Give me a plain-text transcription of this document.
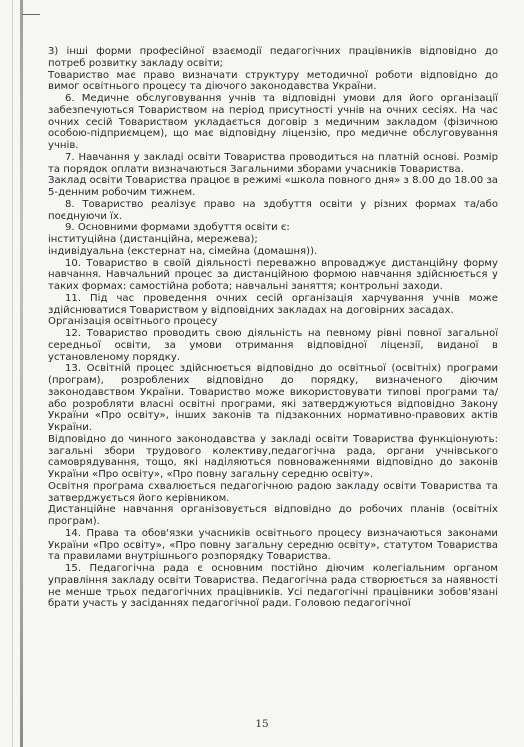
3) інші форми професійної взаємодії педагогічних працівників відповідно до потреб розвитку закладу освіти;

Товариство має право визначати структуру методичної роботи відповідно до вимог освітнього процесу та діючого законодавства України.

6. Медичне обслуговування учнів та відповідні умови для його організації забезпечуються Товариством на період присутності учнів на очних сесіях. На час очних сесій Товариством укладається договір з медичним закладом (фізичною особою-підприємцем), що має відповідну ліцензію, про медичне обслуговування учнів.

7. Навчання у закладі освіти Товариства проводиться на платній основі. Розмір та порядок оплати визначаються Загальними зборами учасників Товариства.

Заклад освіти Товариства працює в режимі «школа повного дня» з 8.00 до 18.00 за 5-денним робочим тижнем.

8. Товариство реалізує право на здобуття освіти у різних формах та/або поєднуючи їх.

9. Основними формами здобуття освіти є:

інституційна (дистанційна, мережева);

індивідуальна (екстернат на, сімейна (домашня)).

10. Товариство в своїй діяльності переважно впроваджує дистанційну форму навчання. Навчальний процес за дистанційною формою навчання здійснюється у таких формах: самостійна робота; навчальні заняття; контрольні заходи.

11. Під час проведення очних сесій організація харчування учнів може здійснюватися Товариством у відповідних закладах на договірних засадах.

Організація освітнього процесу

12. Товариство проводить свою діяльність на певному рівні повної загальної середньої освіти, за умови отримання відповідної ліцензії, виданої в установленому порядку.

13. Освітній процес здійснюється відповідно до освітньої (освітніх) програми (програм), розроблених відповідно до порядку, визначеного діючим законодавством України. Товариство може використовувати типові програми та/або розробляти власні освітні програми, які затверджуються відповідно Закону України «Про освіту», інших законів та підзаконних нормативно-правових актів України.

Відповідно до чинного законодавства у закладі освіти Товариства функціонують: загальні збори трудового колективу,педагогічна рада, органи учнівського самоврядування, тощо, які наділяються повноваженнями відповідно до законів України «Про освіту», «Про повну загальну середню освіту».

Освітня програма схвалюється педагогічною радою закладу освіти Товариства та затверджується його керівником.

Дистанційне навчання організовується відповідно до робочих планів (освітніх програм).

14. Права та обов'язки учасників освітнього процесу визначаються законами України «Про освіту», «Про повну загальну середню освіту», статутом Товариства та правилами внутрішнього розпорядку Товариства.

15. Педагогічна рада є основним постійно діючим колегіальним органом управління закладу освіти Товариства. Педагогічна рада створюється за наявності не менше трьох педагогічних працівників. Усі педагогічні працівники зобов'язані брати участь у засіданнях педагогічної ради. Головою педагогічної

15
